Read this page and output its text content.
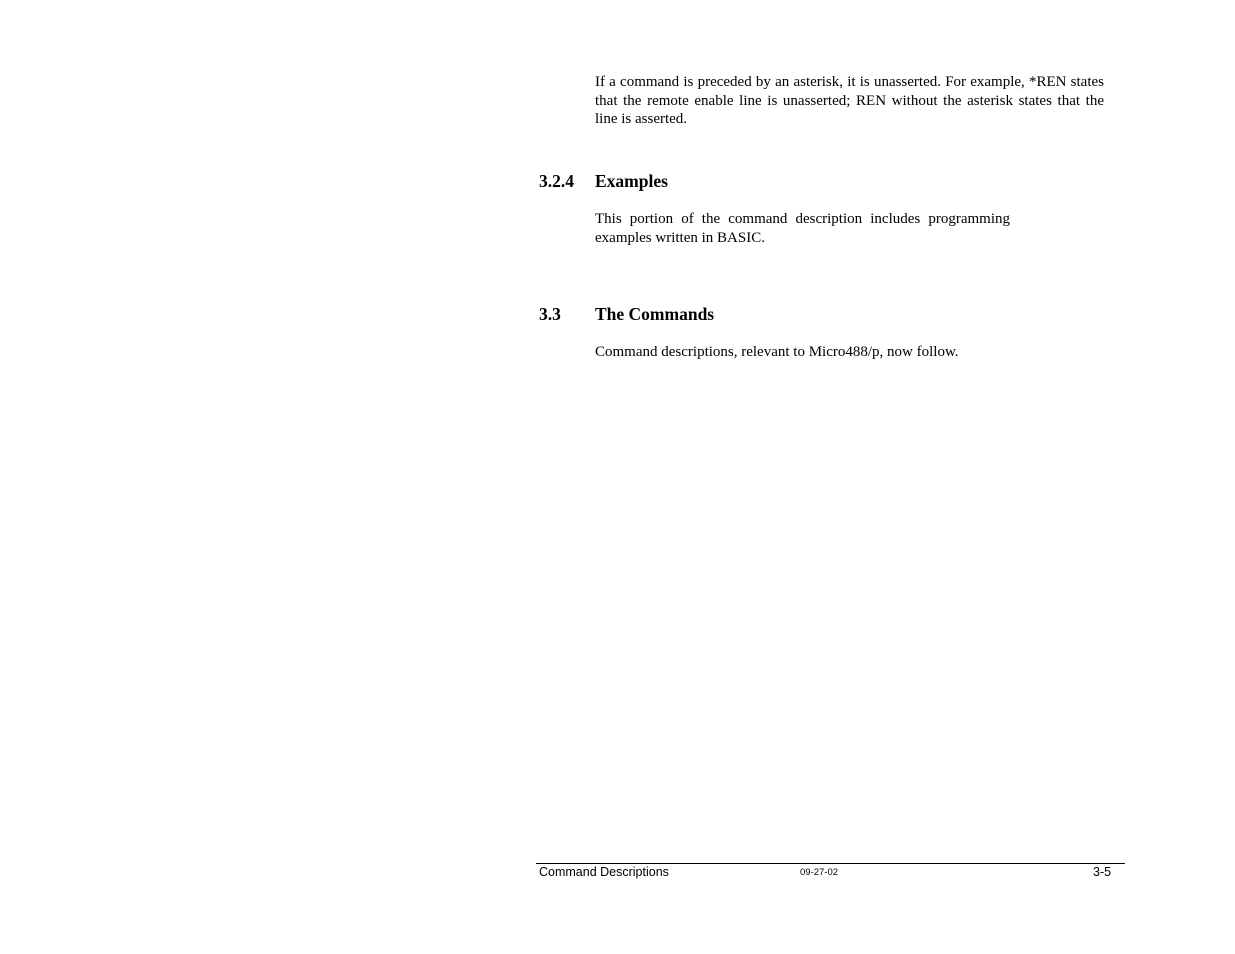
If a command is preceded by an asterisk, it is unasserted. For example, *REN states that the remote enable line is unasserted; REN without the asterisk states that the line is asserted.

3.2.4 Examples

This portion of the command description includes programming examples written in BASIC.

3.3 The Commands

Command descriptions, relevant to Micro488/p, now follow.

Command Descriptions	09-27-02	3-5
